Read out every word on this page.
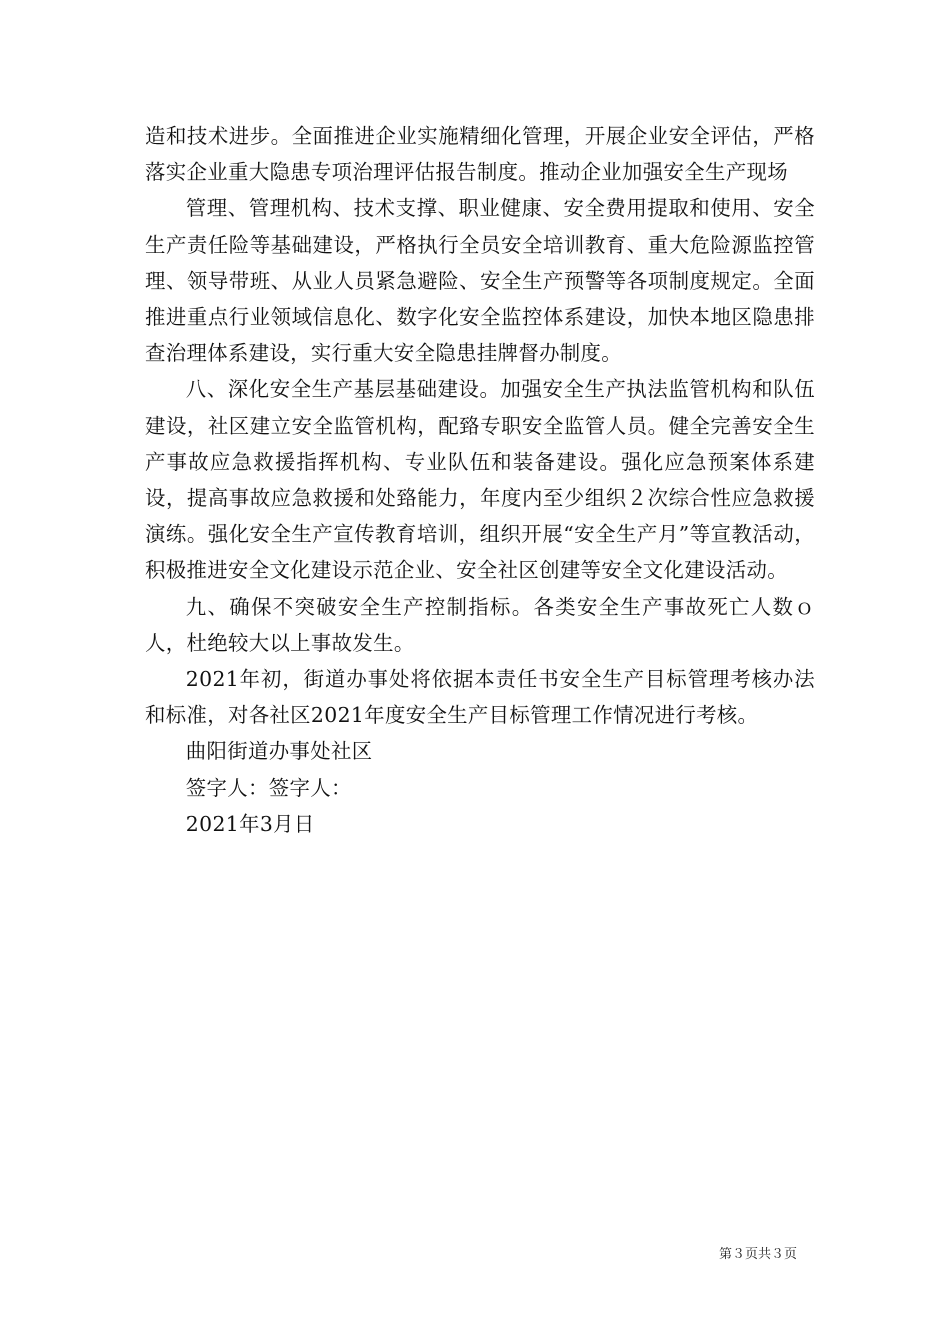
造和技术进步。全面推进企业实施精细化管理，开展企业安全评估，严格落实企业重大隐患专项治理评估报告制度。推动企业加强安全生产现场

管理、管理机构、技术支撑、职业健康、安全费用提取和使用、安全生产责任险等基础建设，严格执行全员安全培训教育、重大危险源监控管理、领导带班、从业人员紧急避险、安全生产预警等各项制度规定。全面推进重点行业领域信息化、数字化安全监控体系建设，加快本地区隐患排查治理体系建设，实行重大安全隐患挂牌督办制度。

八、深化安全生产基层基础建设。加强安全生产执法监管机构和队伍建设，社区建立安全监管机构，配臵专职安全监管人员。健全完善安全生产事故应急救援指挥机构、专业队伍和装备建设。强化应急预案体系建设，提高事故应急救援和处臵能力，年度内至少组织２次综合性应急救援演练。强化安全生产宣传教育培训，组织开展“安全生产月”等宣教活动，积极推进安全文化建设示范企业、安全社区创建等安全文化建设活动。

九、确保不突破安全生产控制指标。各类安全生产事故死亡人数ｏ人，杜绝较大以上事故发生。

2021年初，街道办事处将依据本责任书安全生产目标管理考核办法和标准，对各社区2021年度安全生产目标管理工作情况进行考核。

曲阳街道办事处社区

签字人：签字人：

2021年3月日

第３页共３页
